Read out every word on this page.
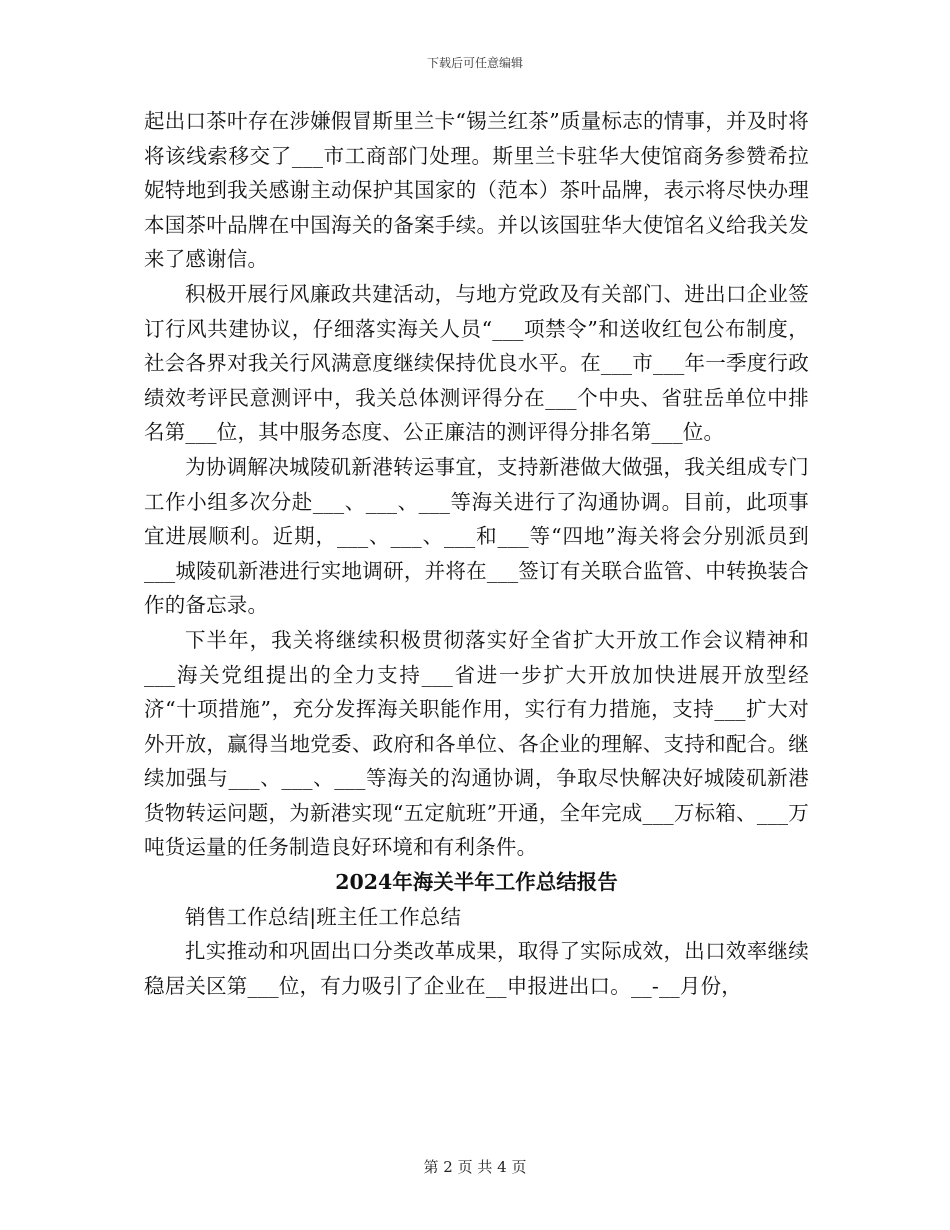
下载后可任意编辑

起出口茶叶存在涉嫌假冒斯里兰卡“锡兰红茶”质量标志的情事，并及时将将该线索移交了___市工商部门处理。斯里兰卡驻华大使馆商务参赞希拉妮特地到我关感谢主动保护其国家的（范本）茶叶品牌，表示将尽快办理本国茶叶品牌在中国海关的备案手续。并以该国驻华大使馆名义给我关发来了感谢信。

积极开展行风廉政共建活动，与地方党政及有关部门、进出口企业签订行风共建协议，仔细落实海关人员“___项禁令”和送收红包公布制度，社会各界对我关行风满意度继续保持优良水平。在___市___年一季度行政绩效考评民意测评中，我关总体测评得分在___个中央、省驻岳单位中排名第___位，其中服务态度、公正廉洁的测评得分排名第___位。

为协调解决城陵矶新港转运事宜，支持新港做大做强，我关组成专门工作小组多次分赴___、___、___等海关进行了沟通协调。目前，此项事宜进展顺利。近期，___、___、___和___等“四地”海关将会分别派员到___城陵矶新港进行实地调研，并将在___签订有关联合监管、中转换装合作的备忘录。

下半年，我关将继续积极贯彻落实好全省扩大开放工作会议精神和___海关党组提出的全力支持___省进一步扩大开放加快进展开放型经济“十项措施”，充分发挥海关职能作用，实行有力措施，支持___扩大对外开放，赢得当地党委、政府和各单位、各企业的理解、支持和配合。继续加强与___、___、___等海关的沟通协调，争取尽快解决好城陵矶新港货物转运问题，为新港实现“五定航班”开通，全年完成___万标箱、___万吨货运量的任务制造良好环境和有利条件。

2024年海关半年工作总结报告

销售工作总结|班主任工作总结

扎实推动和巩固出口分类改革成果，取得了实际成效，出口效率继续稳居关区第___位，有力吸引了企业在__申报进出口。__-__月份，

第 2 页 共 4 页
